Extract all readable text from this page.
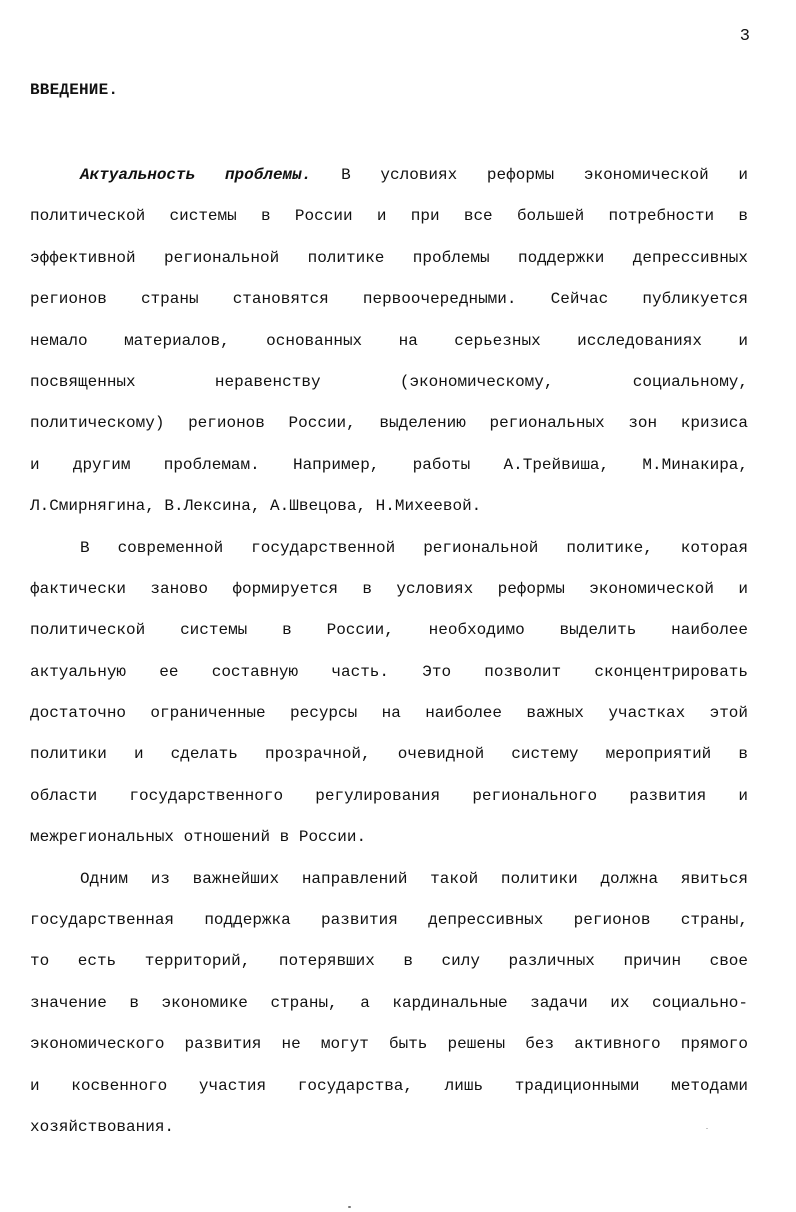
3
ВВЕДЕНИЕ.
Актуальность проблемы. В условиях реформы экономической и
политической системы в России и при все большей потребности в
эффективной региональной политике проблемы поддержки депрессивных
регионов страны становятся первоочередными. Сейчас публикуется
немало материалов, основанных на серьезных исследованиях и
посвященных неравенству (экономическому, социальному,
политическому) регионов России, выделению региональных зон кризиса
и другим проблемам. Например, работы А.Трейвиша, М.Минакира,
Л.Смирнягина, В.Лексина, А.Швецова, Н.Михеевой.
В современной государственной региональной политике, которая
фактически заново формируется в условиях реформы экономической и
политической системы в России, необходимо выделить наиболее
актуальную ее составную часть. Это позволит сконцентрировать
достаточно ограниченные ресурсы на наиболее важных участках этой
политики и сделать прозрачной, очевидной систему мероприятий в
области государственного регулирования регионального развития и
межрегиональных отношений в России.
Одним из важнейших направлений такой политики должна явиться
государственная поддержка развития депрессивных регионов страны,
то есть территорий, потерявших в силу различных причин свое
значение в экономике страны, а кардинальные задачи их социально-
экономического развития не могут быть решены без активного прямого
и косвенного участия государства, лишь традиционными методами
хозяйствования.
